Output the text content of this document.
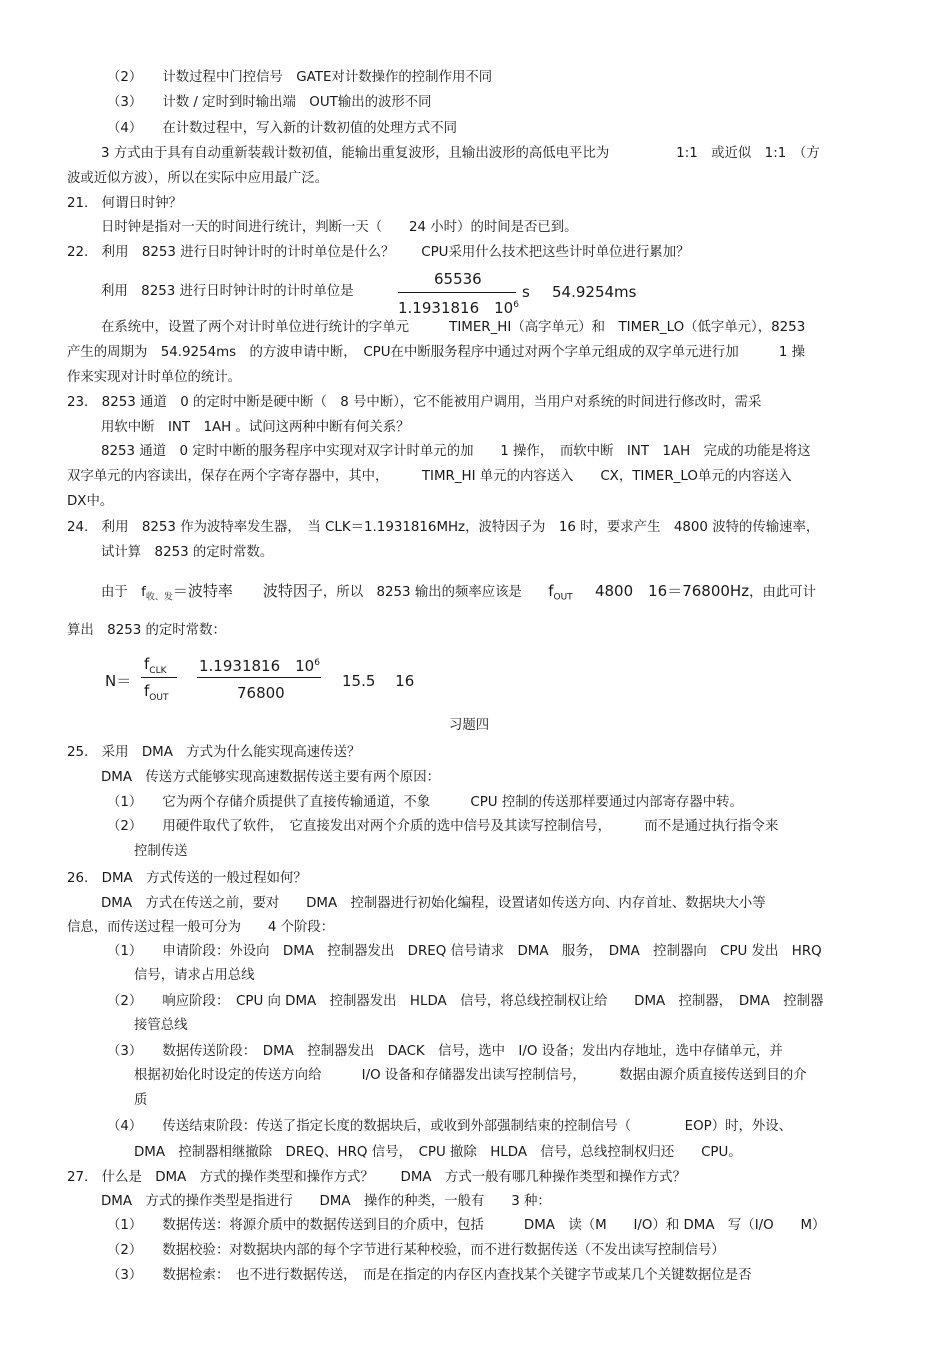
（2）　　计数过程中门控信号　GATE对计数操作的控制作用不同
（3）　　计数 / 定时到时输出端　OUT输出的波形不同
（4）　　在计数过程中，写入新的计数初值的处理方式不同
3 方式由于具有自动重新装载计数初值，能输出重复波形，且输出波形的高低电平比为　　　　　1:1　或近似　1:1　（方
波或近似方波），所以在实际中应用最广泛。
21.　何谓日时钟？
日时钟是指对一天的时间进行统计，判断一天（　　24 小时）的时间是否已到。
22.　利用　8253 进行日时钟计时的计时单位是什么？　　CPU采用什么技术把这些计时单位进行累加？
利用　8253 进行日时钟计时的计时单位是
在系统中，设置了两个对计时单位进行统计的字单元　　　TIMER_HI（高字单元）和　TIMER_LO（低字单元），8253
产生的周期为　54.9254ms　的方波申请中断，　CPU在中断服务程序中通过对两个字单元组成的双字单元进行加　　　1 操
作来实现对计时单位的统计。
23.　8253 通道　0 的定时中断是硬中断（　8 号中断），它不能被用户调用，当用户对系统的时间进行修改时，需采
用软中断　INT　1AH 。试问这两种中断有何关系？
8253 通道　0 定时中断的服务程序中实现对双字计时单元的加　　1 操作，　而软中断　INT　1AH　完成的功能是将这
双字单元的内容读出，保存在两个字寄存器中，其中，　　　TIMR_HI 单元的内容送入　　CX，TIMER_LO单元的内容送入
DX中。
24.　利用　8253 作为波特率发生器，　当 CLK＝1.1931816MHz，波特因子为　16 时，要求产生　4800 波特的传输速率，
试计算　8253 的定时常数。
算出　8253 的定时常数：
习题四
25.　采用　DMA　方式为什么能实现高速传送？
DMA　传送方式能够实现高速数据传送主要有两个原因：
（1）　　它为两个存储介质提供了直接传输通道，不象　　　CPU 控制的传送那样要通过内部寄存器中转。
（2）　　用硬件取代了软件，　它直接发出对两个介质的选中信号及其读写控制信号，　　　而不是通过执行指令来
控制传送
26.　DMA　方式传送的一般过程如何？
DMA　方式在传送之前，要对　　DMA　控制器进行初始化编程，设置诸如传送方向、内存首址、数据块大小等
信息，而传送过程一般可分为　　4 个阶段：
（1）　　申请阶段：外设向　DMA　控制器发出　DREQ 信号请求　DMA　服务，　DMA　控制器向　CPU 发出　HRQ
信号，请求占用总线
（2）　　响应阶段：　CPU 向 DMA　控制器发出　HLDA　信号，将总线控制权让给　　DMA　控制器，　DMA　控制器
接管总线
（3）　　数据传送阶段：　DMA　控制器发出　DACK　信号，选中　I/O 设备；发出内存地址，选中存储单元，并
根据初始化时设定的传送方向给　　　I/O 设备和存储器发出读写控制信号，　　　数据由源介质直接传送到目的介
质
（4）　　传送结束阶段：传送了指定长度的数据块后，或收到外部强制结束的控制信号（　　　　EOP）时，外设、
DMA　控制器相继撤除　DREQ、HRQ 信号，　CPU 撤除　HLDA　信号，总线控制权归还　　CPU。
27.　什么是　DMA　方式的操作类型和操作方式？　　DMA　方式一般有哪几种操作类型和操作方式？
DMA　方式的操作类型是指进行　　DMA　操作的种类，一般有　　3 种：
（1）　　数据传送：将源介质中的数据传送到目的介质中，包括　　　DMA　读（M　　I/O）和 DMA　写（I/O　　M）
（2）　　数据校验：对数据块内部的每个字节进行某种校验，而不进行数据传送（不发出读写控制信号）
（3）　　数据检索：　也不进行数据传送，　而是在指定的内存区内查找某个关键字节或某几个关键数据位是否
65536
1.1931816　$10^6$
s 54.9254ms
由于　$f_{收、发}=$波特率　　波特因子，所以　8253 输出的频率应该是 $f_{OUT}$ 4800　16＝76800Hz，由此可计
N＝
$f_{CLK}$
$f_{OUT}$
1.1931816　$10^6$
76800
15.5　 16
